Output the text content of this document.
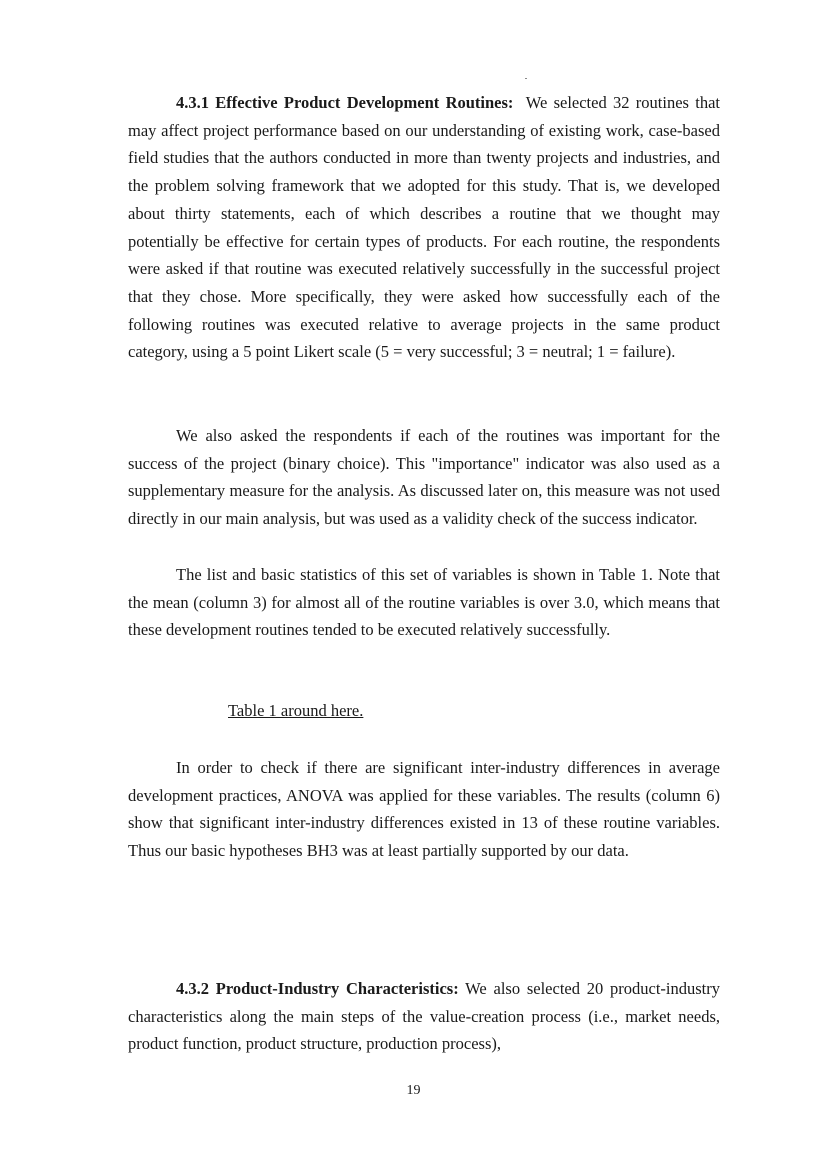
4.3.1 Effective Product Development Routines: We selected 32 routines that may affect project performance based on our understanding of existing work, case-based field studies that the authors conducted in more than twenty projects and industries, and the problem solving framework that we adopted for this study. That is, we developed about thirty statements, each of which describes a routine that we thought may potentially be effective for certain types of products. For each routine, the respondents were asked if that routine was executed relatively successfully in the successful project that they chose. More specifically, they were asked how successfully each of the following routines was executed relative to average projects in the same product category, using a 5 point Likert scale (5 = very successful; 3 = neutral; 1 = failure).

We also asked the respondents if each of the routines was important for the success of the project (binary choice). This "importance" indicator was also used as a supplementary measure for the analysis. As discussed later on, this measure was not used directly in our main analysis, but was used as a validity check of the success indicator.

The list and basic statistics of this set of variables is shown in Table 1. Note that the mean (column 3) for almost all of the routine variables is over 3.0, which means that these development routines tended to be executed relatively successfully.

Table 1 around here.

In order to check if there are significant inter-industry differences in average development practices, ANOVA was applied for these variables. The results (column 6) show that significant inter-industry differences existed in 13 of these routine variables. Thus our basic hypotheses BH3 was at least partially supported by our data.

4.3.2 Product-Industry Characteristics: We also selected 20 product-industry characteristics along the main steps of the value-creation process (i.e., market needs, product function, product structure, production process),

19
